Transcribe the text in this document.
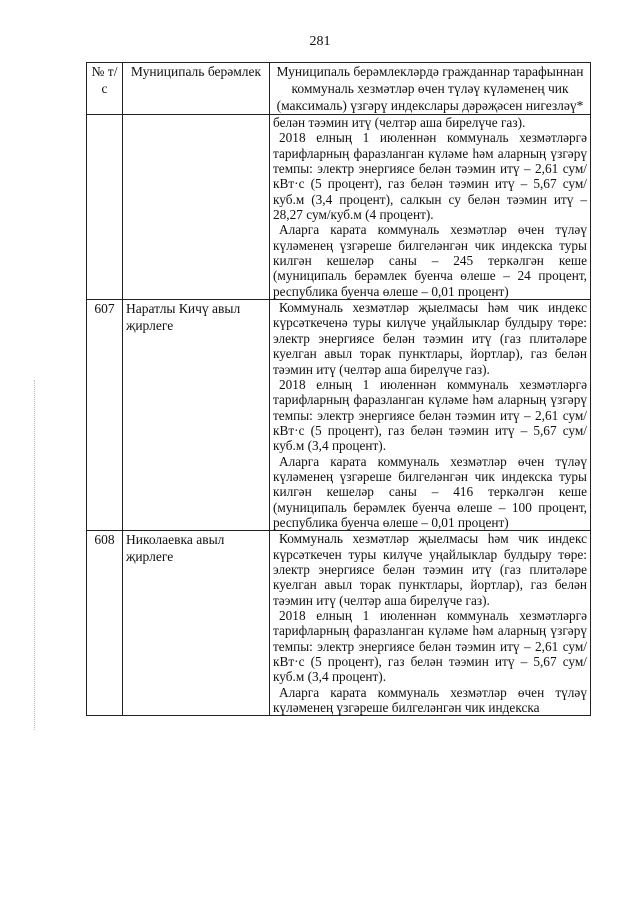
281
№ т/с	Муниципаль берәмлек	Муниципаль берәмлекләрдә гражданнар тарафыннан коммуналь хезмәтләр өчен түләү күләменең чик (максималь) үзгәрү индекслары дәрәҗәсен нигезләү*

		белән тәэмин итү (челтәр аша бирелүче газ).

2018 елның 1 июленнән коммуналь хезмәтләргә тарифларның фаразланган күләме һәм аларның үзгәрү темпы: электр энергиясе белән тәэмин итү – 2,61 сум/кВт·с (5 процент), газ белән тәэмин итү – 5,67 сум/куб.м (3,4 процент), салкын су белән тәэмин итү – 28,27 сум/куб.м (4 процент).

Аларга карата коммуналь хезмәтләр өчен түләү күләменең үзгәреше билгеләнгән чик индекска туры килгән кешеләр саны – 245 теркәлгән кеше (муниципаль берәмлек буенча өлеше – 24 процент, республика буенча өлеше – 0,01 процент)

607	Наратлы Кичү авыл җирлеге	Коммуналь хезмәтләр җыелмасы һәм чик индекс күрсәткеченә туры килүче уңайлыклар булдыру төре: электр энергиясе белән тәэмин итү (газ плитәләре куелган авыл торак пунктлары, йортлар), газ белән тәэмин итү (челтәр аша бирелүче газ).

2018 елның 1 июленнән коммуналь хезмәтләргә тарифларның фаразланган күләме һәм аларның үзгәрү темпы: электр энергиясе белән тәэмин итү – 2,61 сум/кВт·с (5 процент), газ белән тәэмин итү – 5,67 сум/куб.м (3,4 процент).

Аларга карата коммуналь хезмәтләр өчен түләү күләменең үзгәреше билгеләнгән чик индекска туры килгән кешеләр саны – 416 теркәлгән кеше (муниципаль берәмлек буенча өлеше – 100 процент, республика буенча өлеше – 0,01 процент)

608	Николаевка авыл җирлеге	Коммуналь хезмәтләр җыелмасы һәм чик индекс күрсәткечен туры килүче уңайлыклар булдыру төре: электр энергиясе белән тәэмин итү (газ плитәләре куелган авыл торак пунктлары, йортлар), газ белән тәэмин итү (челтәр аша бирелүче газ).

2018 елның 1 июленнән коммуналь хезмәтләргә тарифларның фаразланган күләме һәм аларның үзгәрү темпы: электр энергиясе белән тәэмин итү – 2,61 сум/кВт·с (5 процент), газ белән тәэмин итү – 5,67 сум/куб.м (3,4 процент).

Аларга карата коммуналь хезмәтләр өчен түләү күләменең үзгәреше билгеләнгән чик индекска
